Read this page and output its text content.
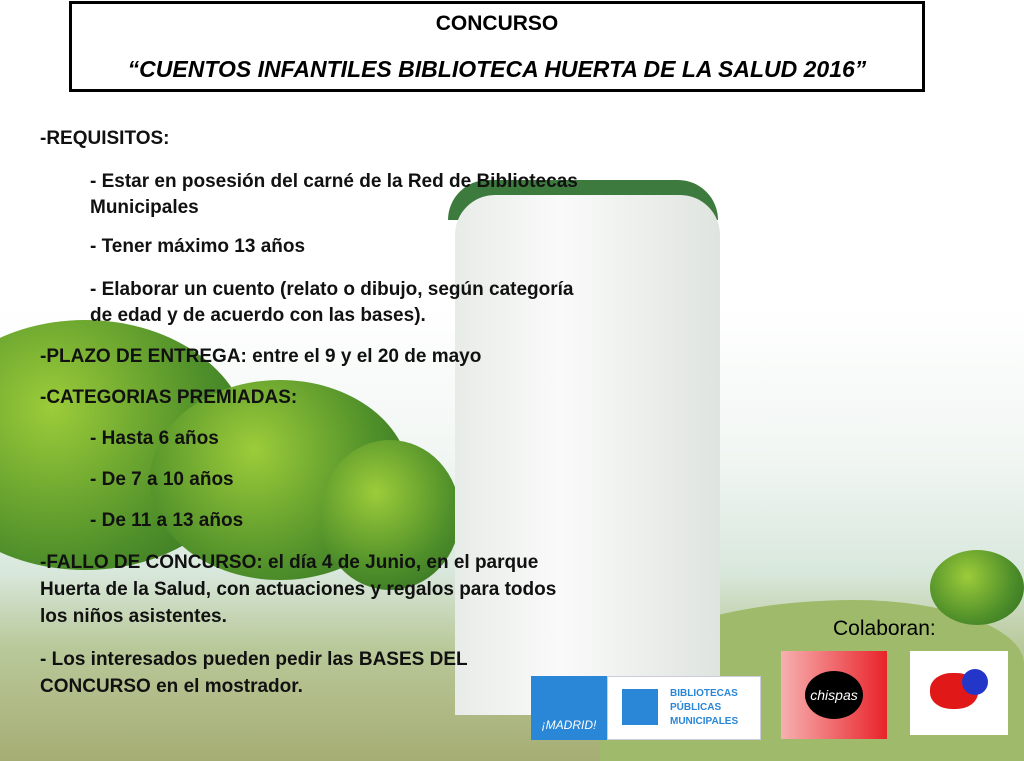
CONCURSO
“CUENTOS INFANTILES BIBLIOTECA HUERTA DE LA SALUD 2016”
-REQUISITOS:
- Estar en posesión del carné de la Red de Bibliotecas
Municipales
- Tener máximo 13 años
- Elaborar un cuento (relato o dibujo, según categoría
de edad y de acuerdo con las bases).
-PLAZO DE ENTREGA: entre el 9 y el 20 de mayo
-CATEGORIAS PREMIADAS:
- Hasta 6 años
- De 7 a 10 años
- De 11 a 13 años
-FALLO DE CONCURSO: el día 4 de Junio, en el parque
Huerta de la Salud, con actuaciones y regalos para todos
los niños asistentes.
- Los interesados pueden pedir las BASES DEL
CONCURSO en el mostrador.
Colaboran:
¡MADRID!
BIBLIOTECAS
PÚBLICAS
MUNICIPALES
chispas
